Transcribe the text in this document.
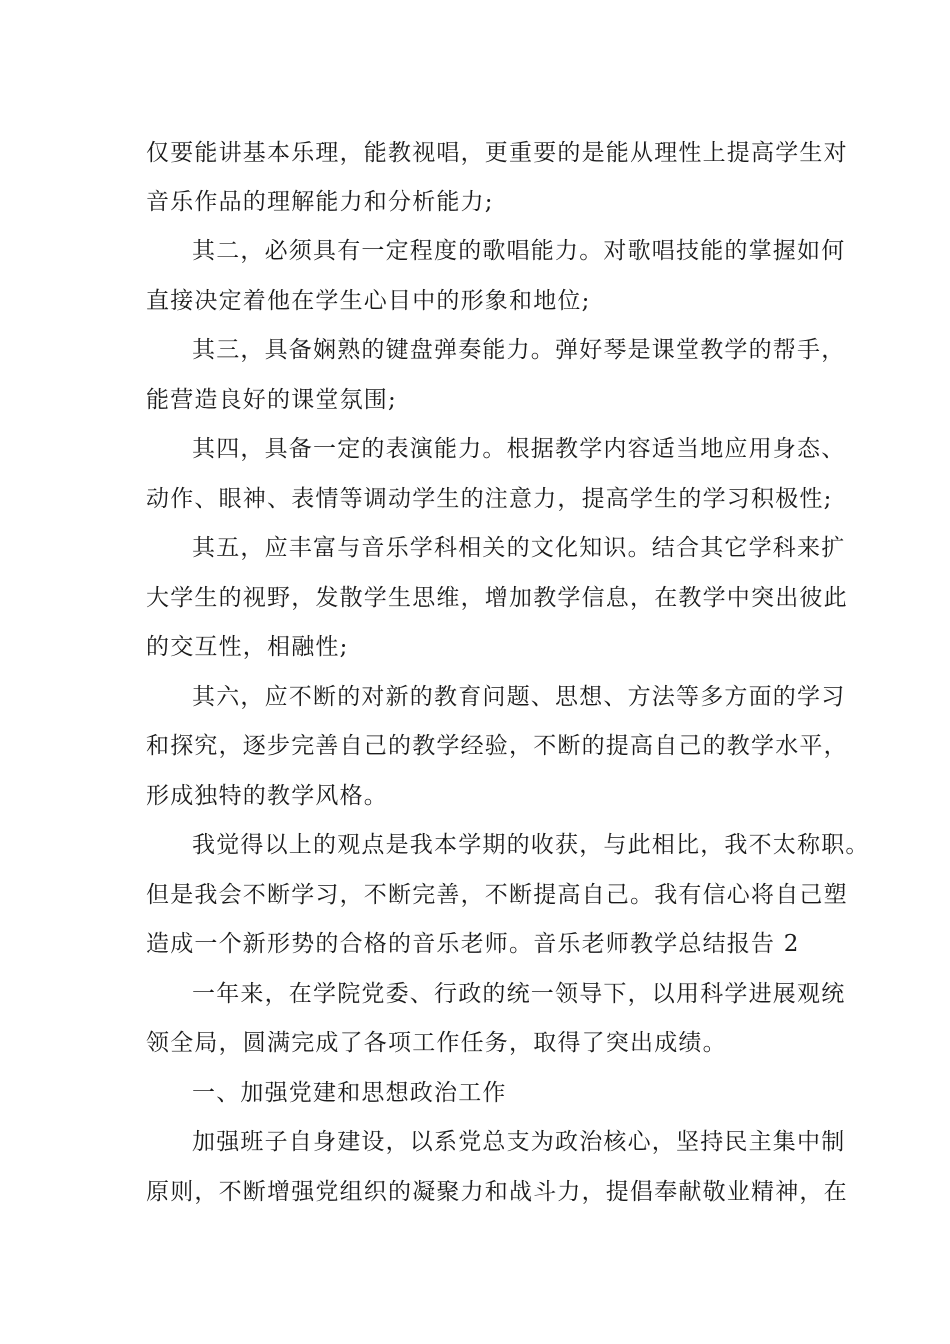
仅要能讲基本乐理，能教视唱，更重要的是能从理性上提高学生对
音乐作品的理解能力和分析能力;
其二，必须具有一定程度的歌唱能力。对歌唱技能的掌握如何
直接决定着他在学生心目中的形象和地位;
其三，具备娴熟的键盘弹奏能力。弹好琴是课堂教学的帮手，
能营造良好的课堂氛围;
其四，具备一定的表演能力。根据教学内容适当地应用身态、
动作、眼神、表情等调动学生的注意力，提高学生的学习积极性;
其五，应丰富与音乐学科相关的文化知识。结合其它学科来扩
大学生的视野，发散学生思维，增加教学信息，在教学中突出彼此
的交互性，相融性;
其六，应不断的对新的教育问题、思想、方法等多方面的学习
和探究，逐步完善自己的教学经验，不断的提高自己的教学水平，
形成独特的教学风格。
我觉得以上的观点是我本学期的收获，与此相比，我不太称职。
但是我会不断学习，不断完善，不断提高自己。我有信心将自己塑
造成一个新形势的合格的音乐老师。音乐老师教学总结报告 2
一年来，在学院党委、行政的统一领导下，以用科学进展观统
领全局，圆满完成了各项工作任务，取得了突出成绩。
一、加强党建和思想政治工作
加强班子自身建设，以系党总支为政治核心，坚持民主集中制
原则，不断增强党组织的凝聚力和战斗力，提倡奉献敬业精神，在
